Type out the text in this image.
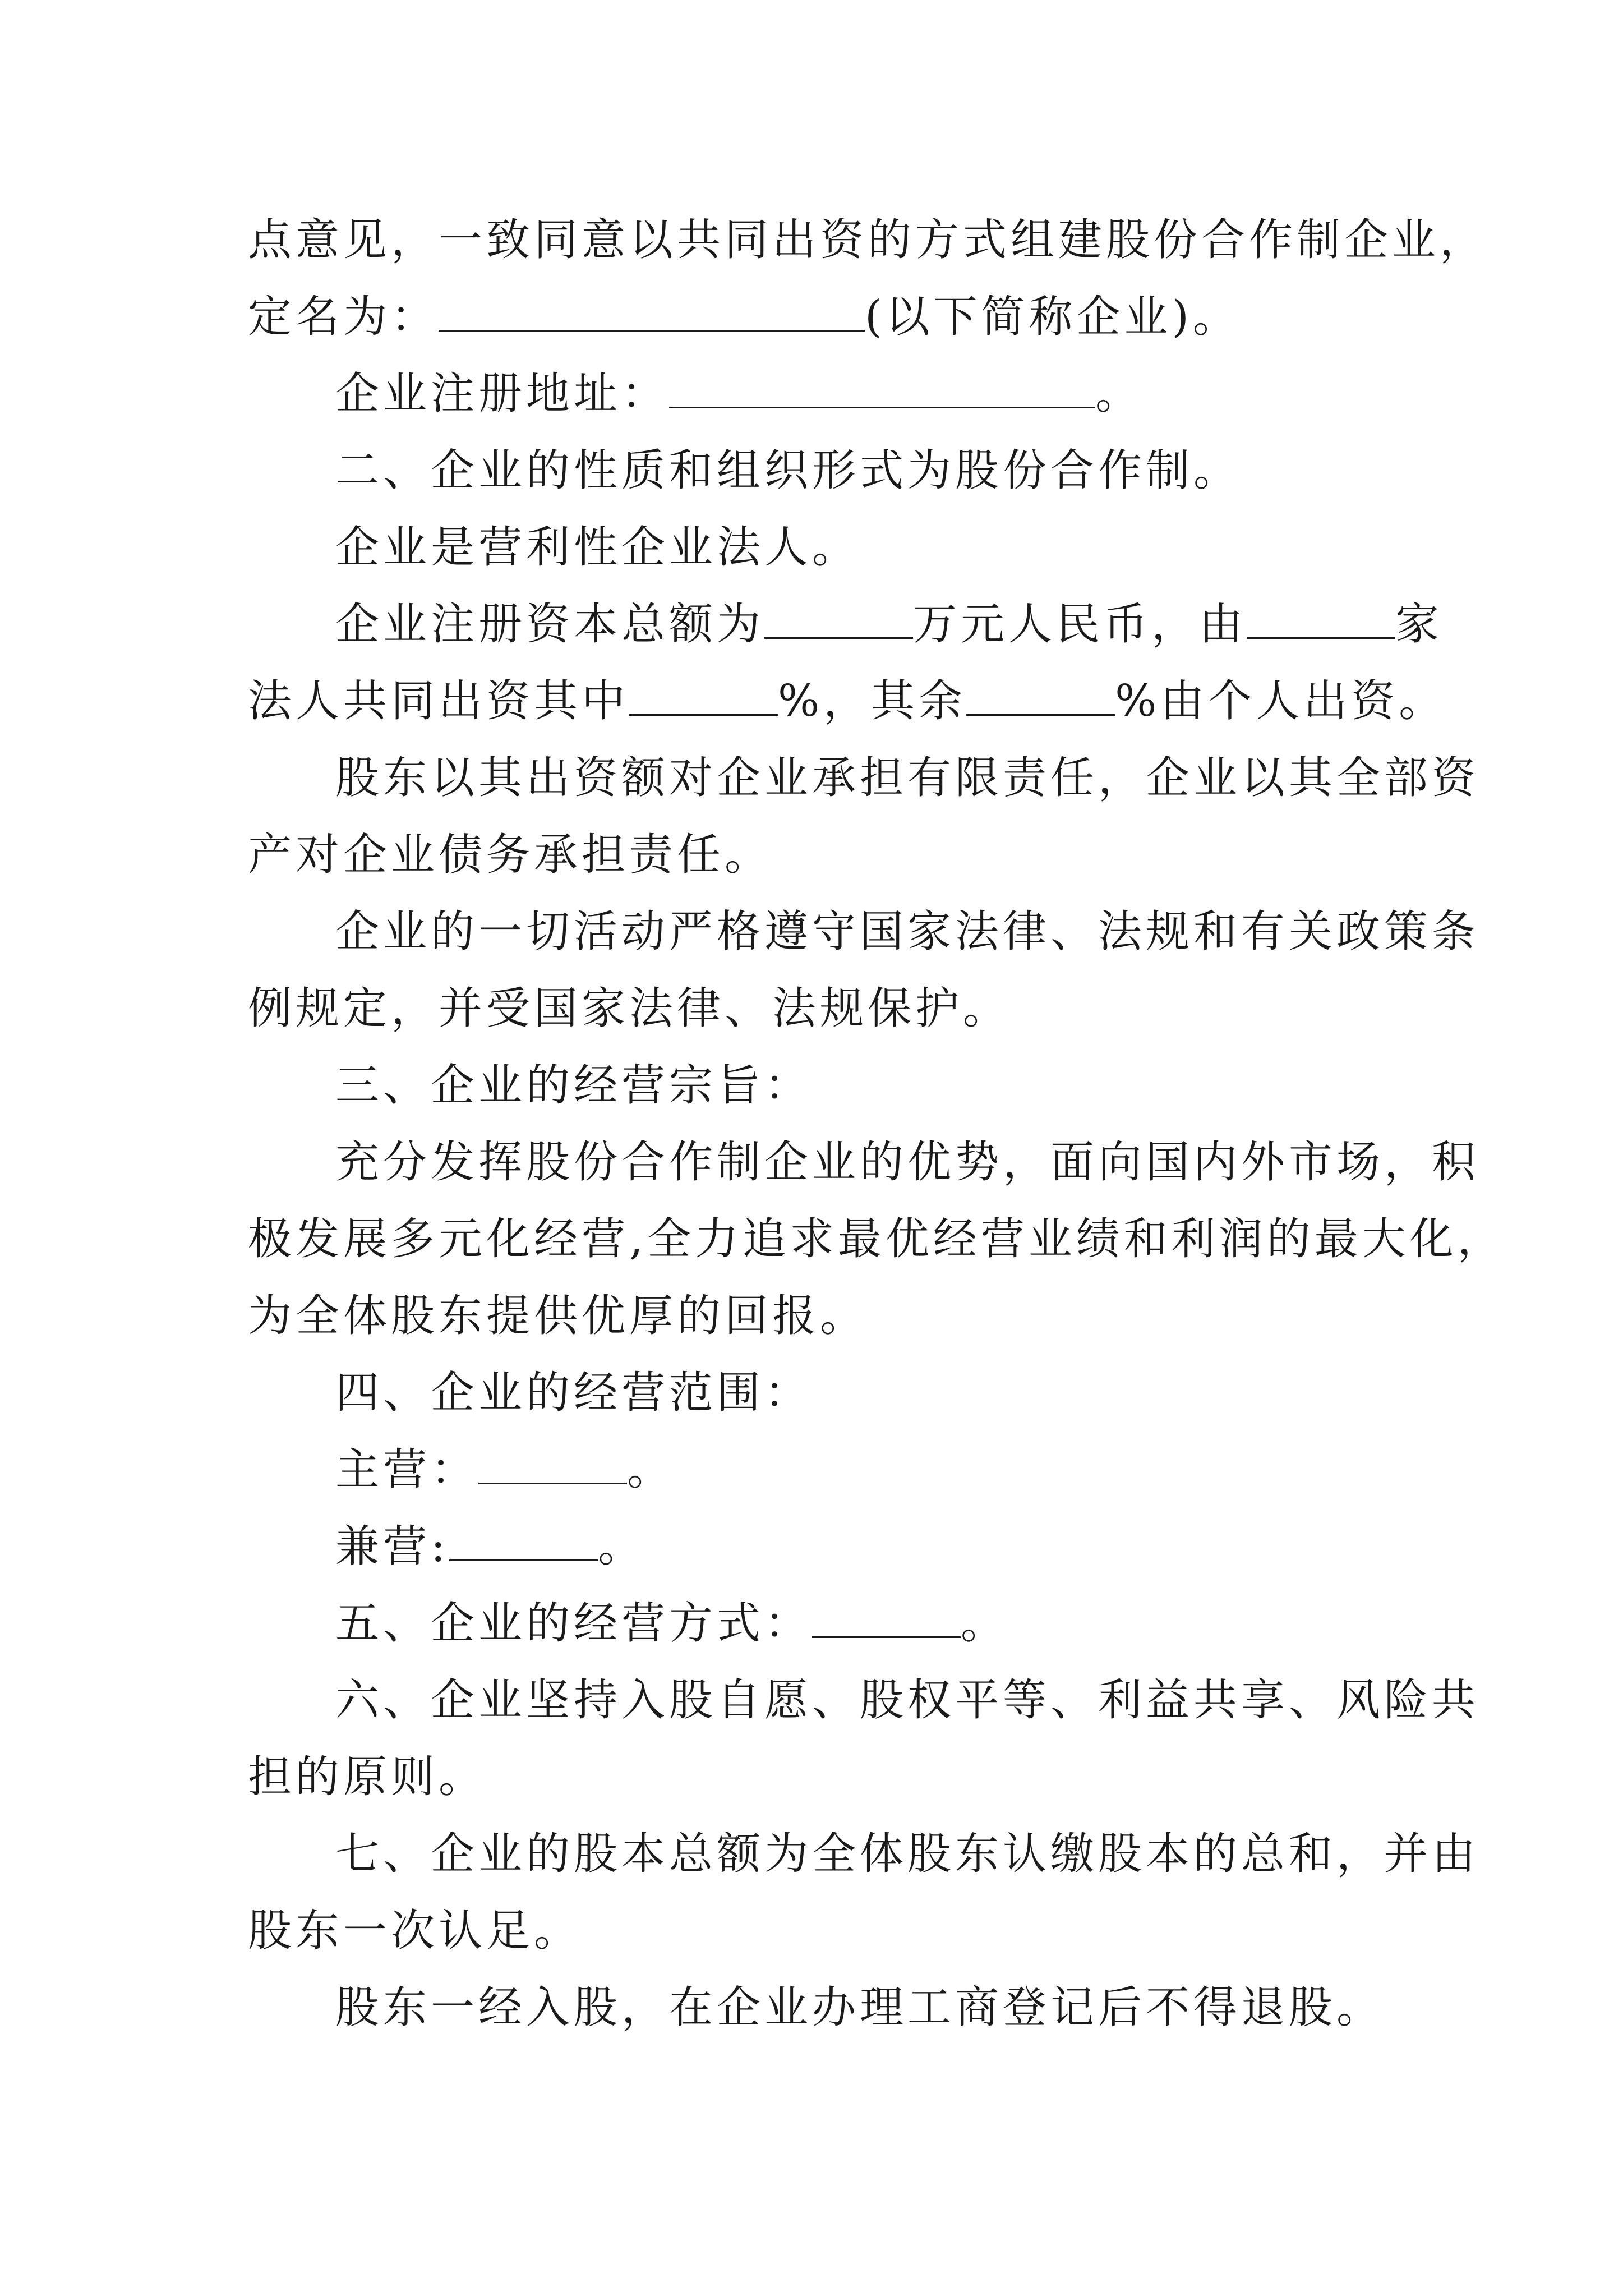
点意见，一致同意以共同出资的方式组建股份合作制企业，

定名为：	(以下简称企业)。

企业注册地址：	。

二、企业的性质和组织形式为股份合作制。

企业是营利性企业法人。

企业注册资本总额为	万元人民币，由	家

法人共同出资其中	%，其余	%由个人出资。

股东以其出资额对企业承担有限责任，企业以其全部资

产对企业债务承担责任。

企业的一切活动严格遵守国家法律、法规和有关政策条

例规定，并受国家法律、法规保护。

三、企业的经营宗旨：

充分发挥股份合作制企业的优势，面向国内外市场，积

极发展多元化经营,全力追求最优经营业绩和利润的最大化，

为全体股东提供优厚的回报。

四、企业的经营范围：

主营：	。

兼营:	。

五、企业的经营方式：	。

六、企业坚持入股自愿、股权平等、利益共享、风险共

担的原则。

七、企业的股本总额为全体股东认缴股本的总和，并由

股东一次认足。

股东一经入股，在企业办理工商登记后不得退股。
